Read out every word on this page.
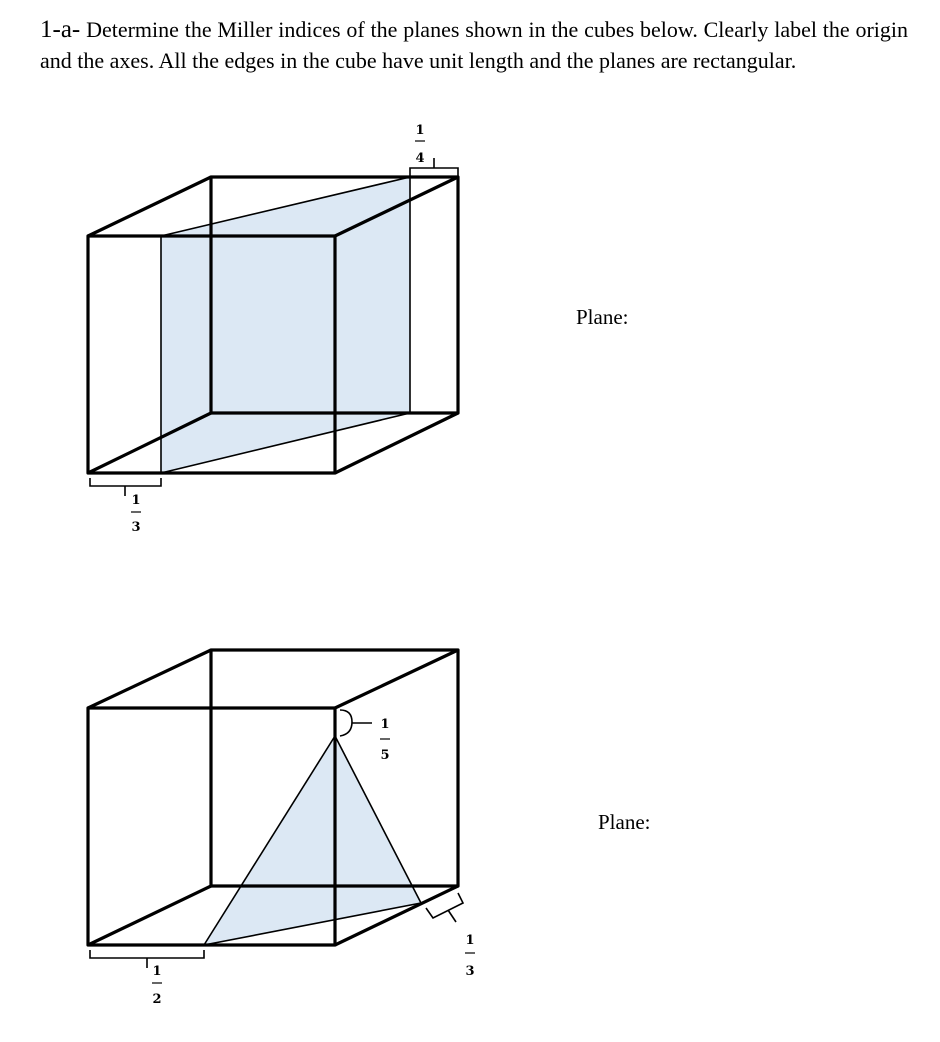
1-a- Determine the Miller indices of the planes shown in the cubes below. Clearly label the origin and the axes. All the edges in the cube have unit length and the planes are rectangular.
1
4
1
3
1
5
1
2
1
3
Plane:
Plane:
